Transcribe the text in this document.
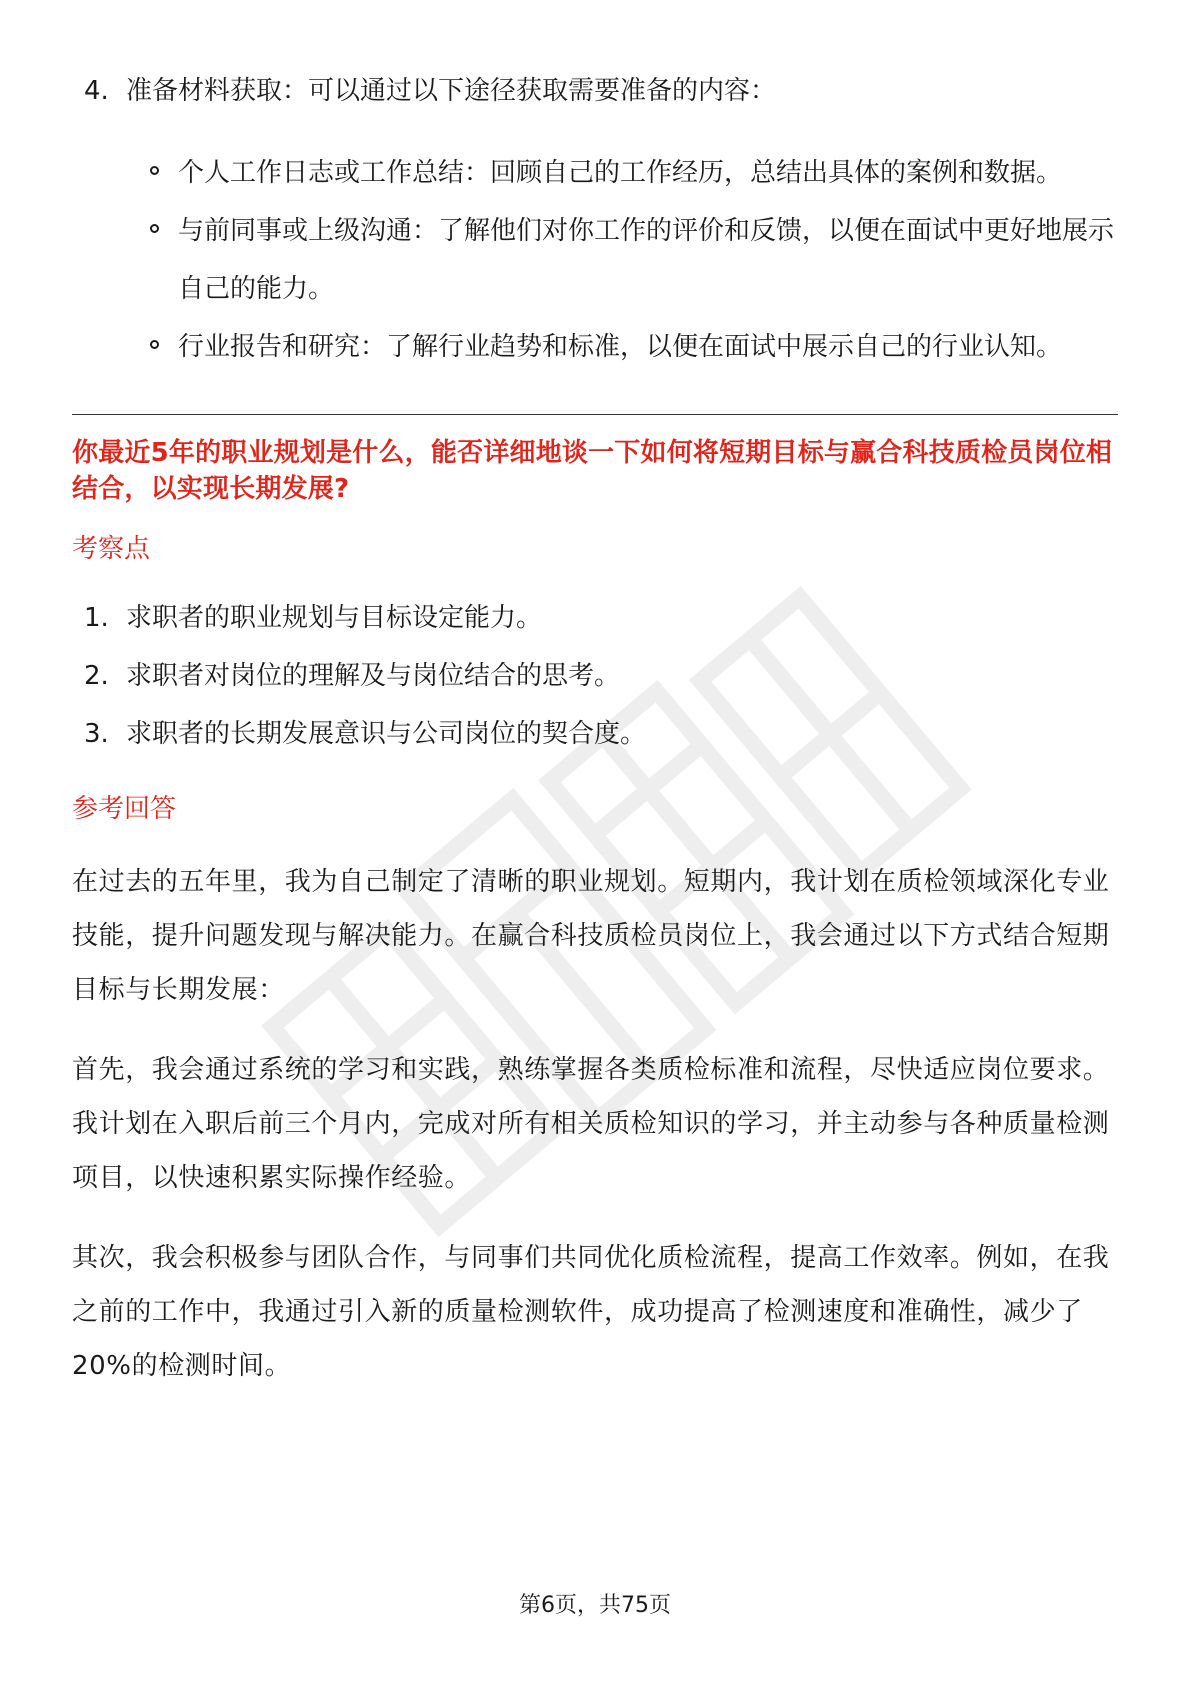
4. 准备材料获取：可以通过以下途径获取需要准备的内容：
个人工作日志或工作总结：回顾自己的工作经历，总结出具体的案例和数据。
与前同事或上级沟通：了解他们对你工作的评价和反馈，以便在面试中更好地展示自己的能力。
行业报告和研究：了解行业趋势和标准，以便在面试中展示自己的行业认知。
你最近5年的职业规划是什么，能否详细地谈一下如何将短期目标与赢合科技质检员岗位相结合，以实现长期发展?
考察点
1. 求职者的职业规划与目标设定能力。
2. 求职者对岗位的理解及与岗位结合的思考。
3. 求职者的长期发展意识与公司岗位的契合度。
参考回答
在过去的五年里，我为自己制定了清晰的职业规划。短期内，我计划在质检领域深化专业技能，提升问题发现与解决能力。在赢合科技质检员岗位上，我会通过以下方式结合短期目标与长期发展：
首先，我会通过系统的学习和实践，熟练掌握各类质检标准和流程，尽快适应岗位要求。我计划在入职后前三个月内，完成对所有相关质检知识的学习，并主动参与各种质量检测项目，以快速积累实际操作经验。
其次，我会积极参与团队合作，与同事们共同优化质检流程，提高工作效率。例如，在我之前的工作中，我通过引入新的质量检测软件，成功提高了检测速度和准确性，减少了20%的检测时间。
第6页，共75页
